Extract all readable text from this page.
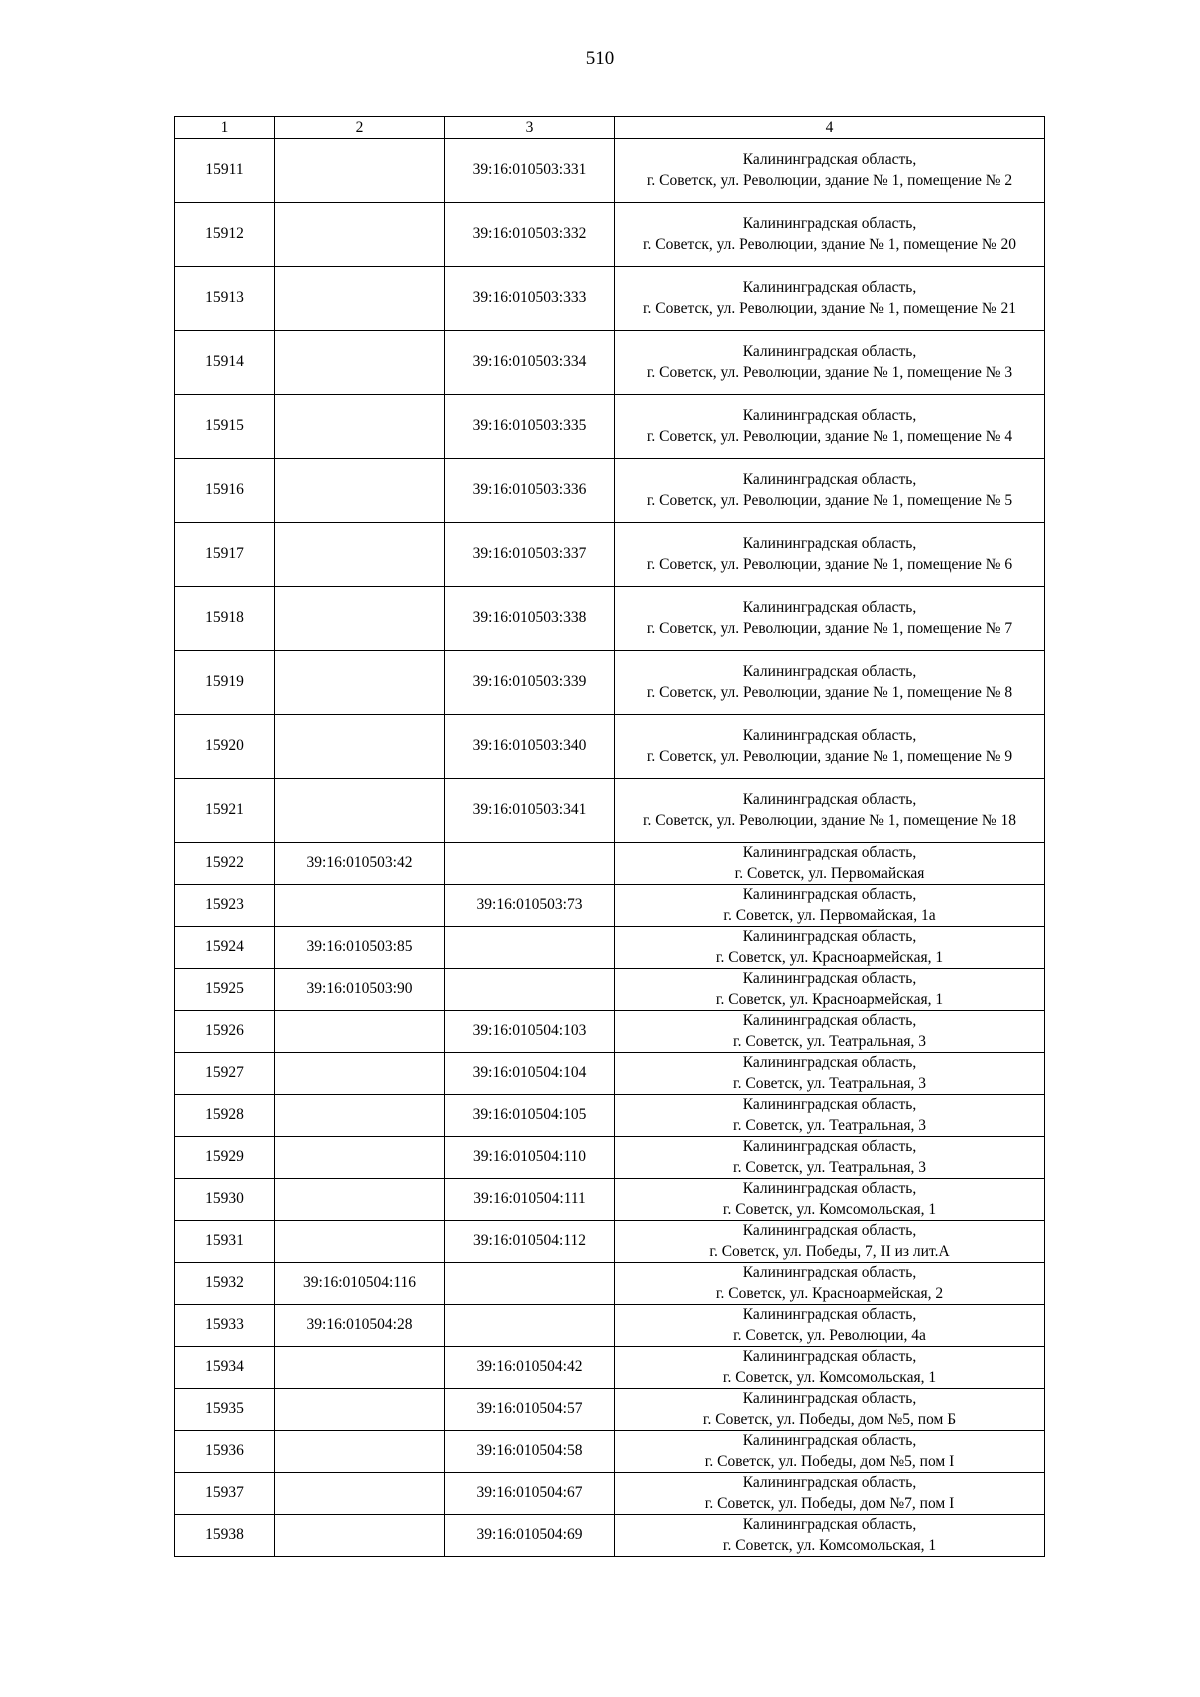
510
1	2	3	4
15911		39:16:010503:331	Калининградская область,
г. Советск, ул. Революции, здание № 1, помещение № 2

15912		39:16:010503:332	Калининградская область,
г. Советск, ул. Революции, здание № 1, помещение № 20

15913		39:16:010503:333	Калининградская область,
г. Советск, ул. Революции, здание № 1, помещение № 21

15914		39:16:010503:334	Калининградская область,
г. Советск, ул. Революции, здание № 1, помещение № 3

15915		39:16:010503:335	Калининградская область,
г. Советск, ул. Революции, здание № 1, помещение № 4

15916		39:16:010503:336	Калининградская область,
г. Советск, ул. Революции, здание № 1, помещение № 5

15917		39:16:010503:337	Калининградская область,
г. Советск, ул. Революции, здание № 1, помещение № 6

15918		39:16:010503:338	Калининградская область,
г. Советск, ул. Революции, здание № 1, помещение № 7

15919		39:16:010503:339	Калининградская область,
г. Советск, ул. Революции, здание № 1, помещение № 8

15920		39:16:010503:340	Калининградская область,
г. Советск, ул. Революции, здание № 1, помещение № 9

15921		39:16:010503:341	Калининградская область,
г. Советск, ул. Революции, здание № 1, помещение № 18

15922	39:16:010503:42		Калининградская область,
г. Советск, ул. Первомайская

15923		39:16:010503:73	Калининградская область,
г. Советск, ул. Первомайская, 1а

15924	39:16:010503:85		Калининградская область,
г. Советск, ул. Красноармейская, 1

15925	39:16:010503:90		Калининградская область,
г. Советск, ул. Красноармейская, 1

15926		39:16:010504:103	Калининградская область,
г. Советск, ул. Театральная, 3

15927		39:16:010504:104	Калининградская область,
г. Советск, ул. Театральная, 3

15928		39:16:010504:105	Калининградская область,
г. Советск, ул. Театральная, 3

15929		39:16:010504:110	Калининградская область,
г. Советск, ул. Театральная, 3

15930		39:16:010504:111	Калининградская область,
г. Советск, ул. Комсомольская, 1

15931		39:16:010504:112	Калининградская область,
г. Советск, ул. Победы, 7, II из лит.А

15932	39:16:010504:116		Калининградская область,
г. Советск, ул. Красноармейская, 2

15933	39:16:010504:28		Калининградская область,
г. Советск, ул. Революции, 4а

15934		39:16:010504:42	Калининградская область,
г. Советск, ул. Комсомольская, 1

15935		39:16:010504:57	Калининградская область,
г. Советск, ул. Победы, дом №5, пом Б

15936		39:16:010504:58	Калининградская область,
г. Советск, ул. Победы, дом №5, пом I

15937		39:16:010504:67	Калининградская область,
г. Советск, ул. Победы, дом №7, пом I

15938		39:16:010504:69	Калининградская область,
г. Советск, ул. Комсомольская, 1
